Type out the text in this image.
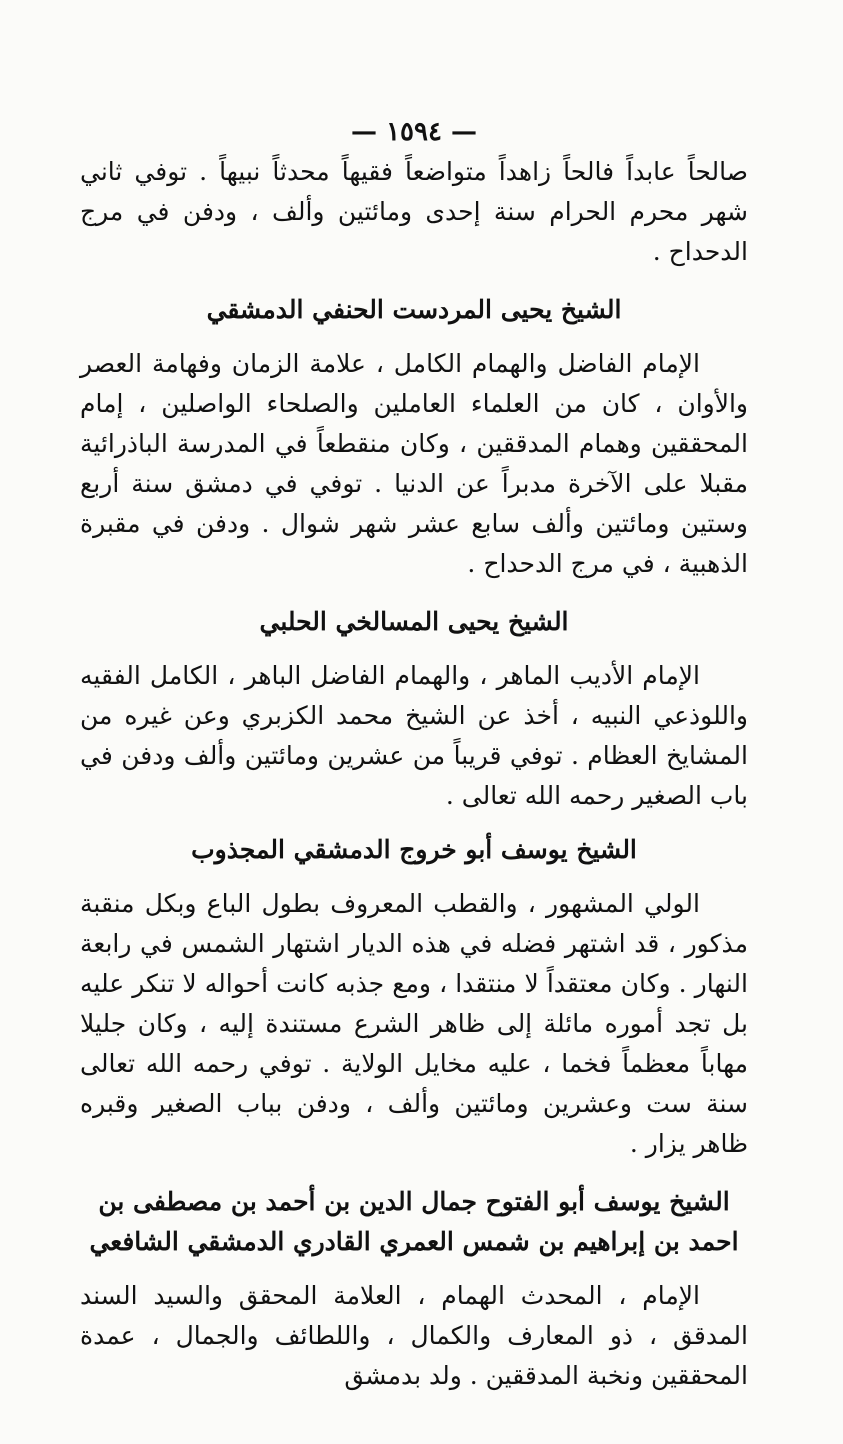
— ١٥٩٤ —

صالحاً عابداً فالحاً زاهداً متواضعاً فقيهاً محدثاً نبيهاً . توفي ثاني شهر محرم الحرام سنة إحدى ومائتين وألف ، ودفن في مرج الدحداح .

الشيخ يحيى المردست الحنفي الدمشقي

الإمام الفاضل والهمام الكامل ، علامة الزمان وفهامة العصر والأوان ، كان من العلماء العاملين والصلحاء الواصلين ، إمام المحققين وهمام المدققين ، وكان منقطعاً في المدرسة الباذرائية مقبلا على الآخرة مدبراً عن الدنيا . توفي في دمشق سنة أربع وستين ومائتين وألف سابع عشر شهر شوال . ودفن في مقبرة الذهبية ، في مرج الدحداح .

الشيخ يحيى المسالخي الحلبي

الإمام الأديب الماهر ، والهمام الفاضل الباهر ، الكامل الفقيه واللوذعي النبيه ، أخذ عن الشيخ محمد الكزبري وعن غيره من المشايخ العظام . توفي قريباً من عشرين ومائتين وألف ودفن في باب الصغير رحمه الله تعالى .

الشيخ يوسف أبو خروج الدمشقي المجذوب

الولي المشهور ، والقطب المعروف بطول الباع وبكل منقبة مذكور ، قد اشتهر فضله في هذه الديار اشتهار الشمس في رابعة النهار . وكان معتقداً لا منتقدا ، ومع جذبه كانت أحواله لا تنكر عليه بل تجد أموره مائلة إلى ظاهر الشرع مستندة إليه ، وكان جليلا مهاباً معظماً فخما ، عليه مخايل الولاية . توفي رحمه الله تعالى سنة ست وعشرين ومائتين وألف ، ودفن بباب الصغير وقبره ظاهر يزار .

الشيخ يوسف أبو الفتوح جمال الدين بن أحمد بن مصطفى بن
احمد بن إبراهيم بن شمس العمري القادري الدمشقي الشافعي

الإمام ، المحدث الهمام ، العلامة المحقق والسيد السند المدقق ، ذو المعارف والكمال ، واللطائف والجمال ، عمدة المحققين ونخبة المدققين . ولد بدمشق
